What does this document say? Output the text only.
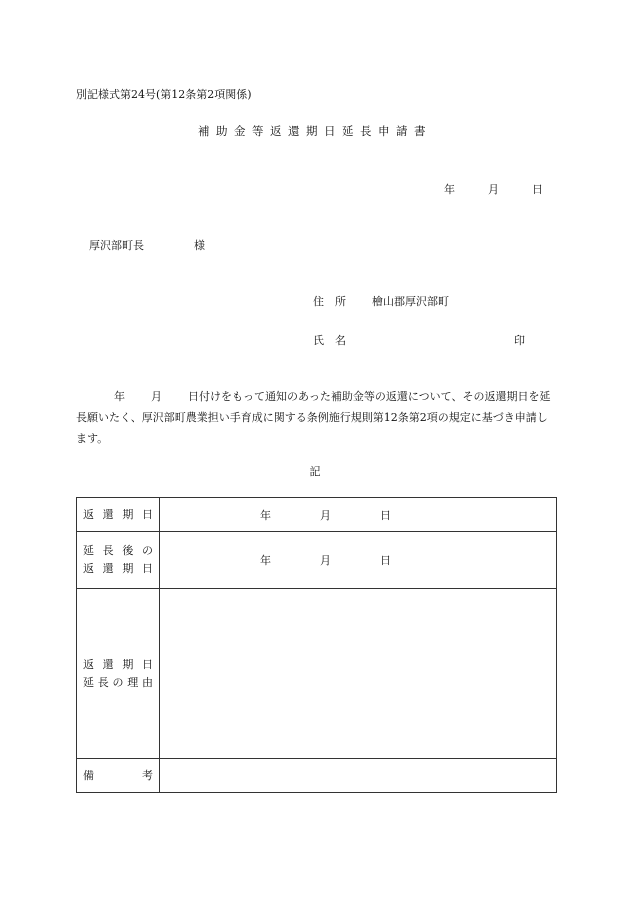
別記様式第24号(第12条第2項関係)
補助金等返還期日延長申請書
年	月	日
厚沢部町長	様
住　所 檜山郡厚沢部町
氏　名	印
年 月 日付けをもって通知のあった補助金等の返還について、その返還期日を延長願いたく、厚沢部町農業担い手育成に関する条例施行規則第12条第2項の規定に基づき申請します。
記
返還期日	年 月 日

延長後の
返還期日	年 月 日

返還期日
延長の理由	
備　考	
